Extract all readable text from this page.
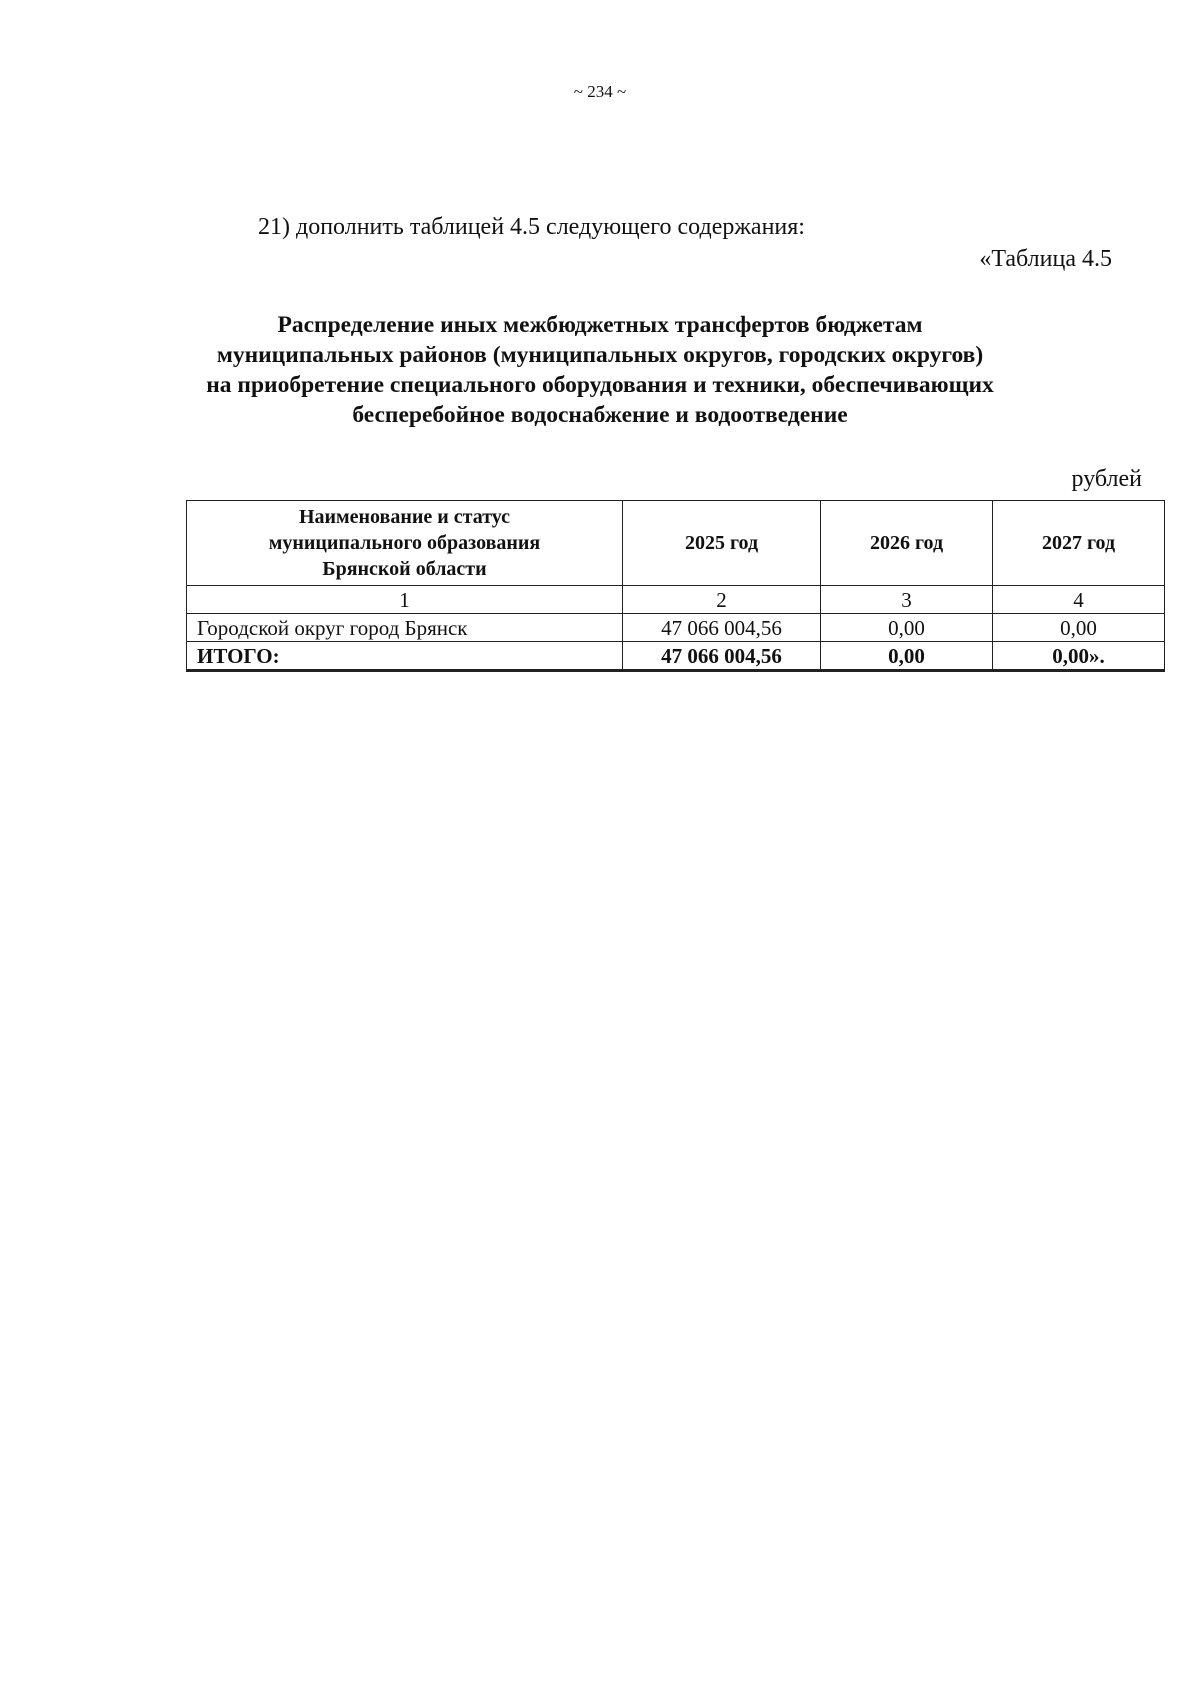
~ 234 ~
21) дополнить таблицей 4.5 следующего содержания:
«Таблица 4.5
Распределение иных межбюджетных трансфертов бюджетам
муниципальных районов (муниципальных округов, городских округов)
на приобретение специального оборудования и техники, обеспечивающих
бесперебойное водоснабжение и водоотведение
рублей
Наименование и статус
муниципального образования
Брянской области	2025 год	2026 год	2027 год
1	2	3	4
Городской округ город Брянск	47 066 004,56	0,00	0,00
ИТОГО:	47 066 004,56	0,00	0,00».
